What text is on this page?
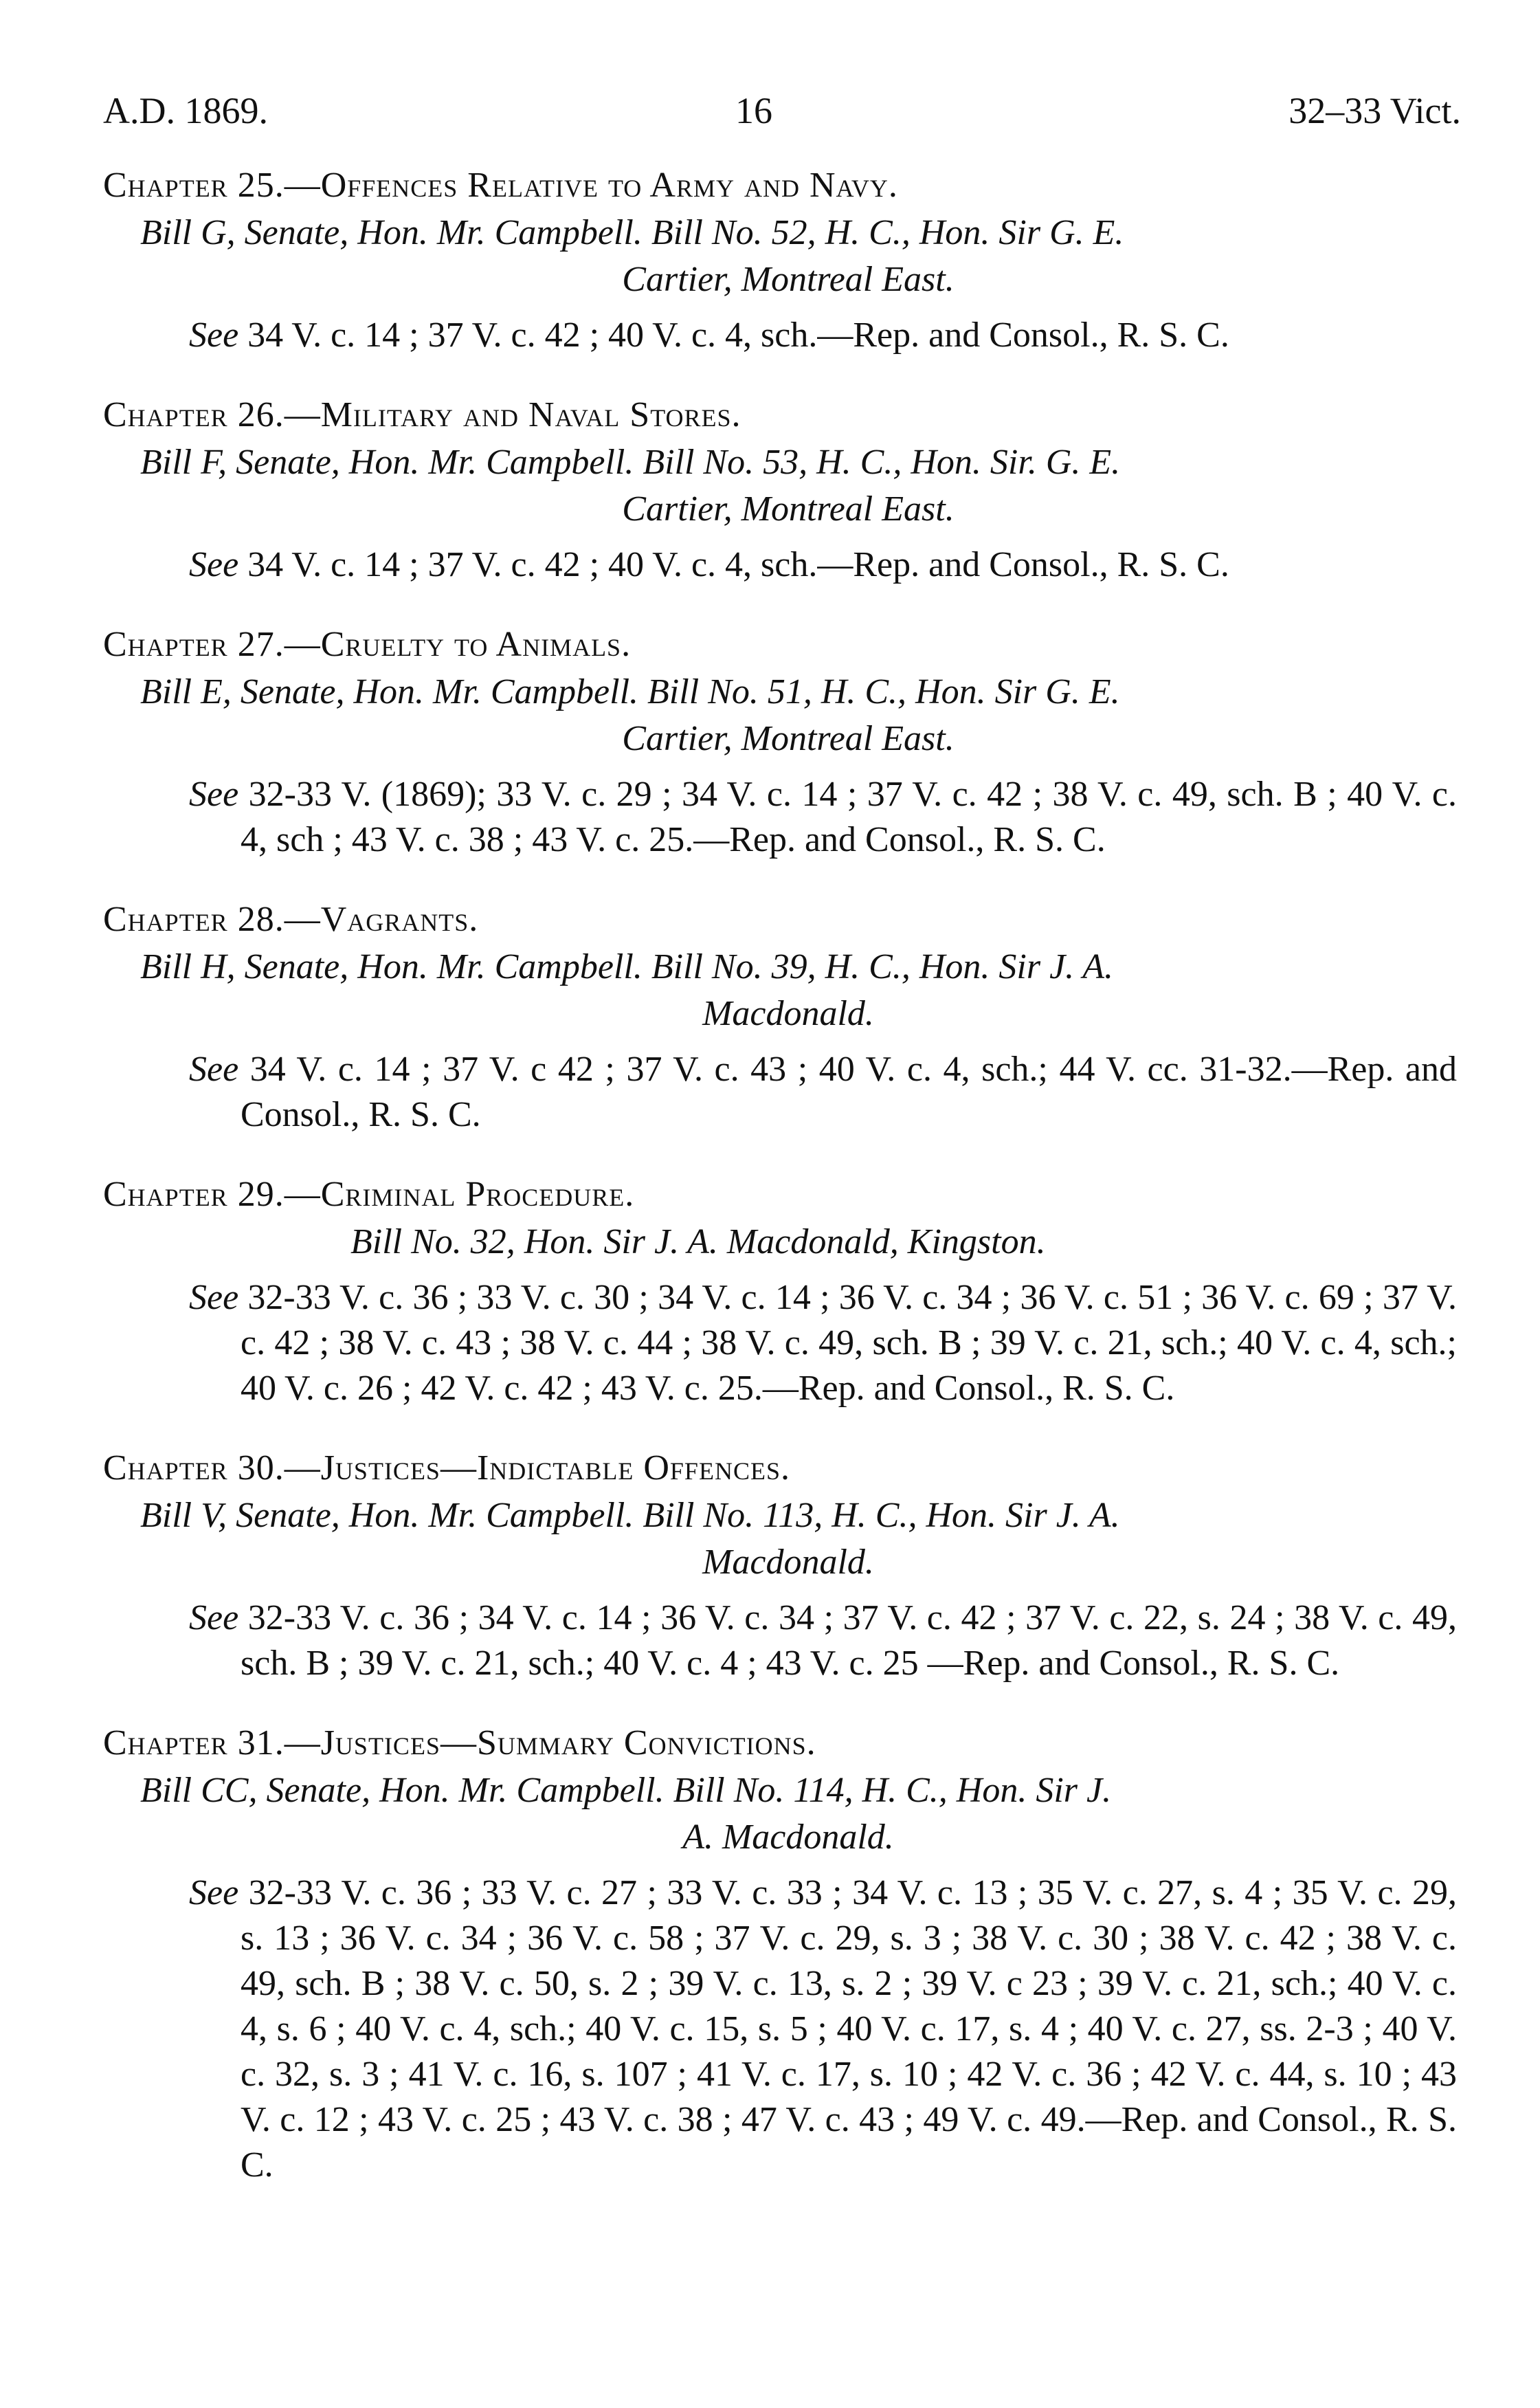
A.D. 1869.	16	32–33 Vict.
Chapter 25.—Offences Relative to Army and Navy.
Bill G, Senate, Hon. Mr. Campbell. Bill No. 52, H. C., Hon. Sir G. E.
Cartier, Montreal East.
See 34 V. c. 14 ; 37 V. c. 42 ; 40 V. c. 4, sch.—Rep. and Consol., R. S. C.
Chapter 26.—Military and Naval Stores.
Bill F, Senate, Hon. Mr. Campbell. Bill No. 53, H. C., Hon. Sir. G. E.
Cartier, Montreal East.
See 34 V. c. 14 ; 37 V. c. 42 ; 40 V. c. 4, sch.—Rep. and Consol., R. S. C.
Chapter 27.—Cruelty to Animals.
Bill E, Senate, Hon. Mr. Campbell. Bill No. 51, H. C., Hon. Sir G. E.
Cartier, Montreal East.
See 32-33 V. (1869); 33 V. c. 29 ; 34 V. c. 14 ; 37 V. c. 42 ; 38 V. c. 49, sch. B ; 40 V. c. 4, sch ; 43 V. c. 38 ; 43 V. c. 25.—Rep. and Consol., R. S. C.
Chapter 28.—Vagrants.
Bill H, Senate, Hon. Mr. Campbell. Bill No. 39, H. C., Hon. Sir J. A.
Macdonald.
See 34 V. c. 14 ; 37 V. c 42 ; 37 V. c. 43 ; 40 V. c. 4, sch.; 44 V. cc. 31-32.—Rep. and Consol., R. S. C.
Chapter 29.—Criminal Procedure.
Bill No. 32, Hon. Sir J. A. Macdonald, Kingston.
See 32-33 V. c. 36 ; 33 V. c. 30 ; 34 V. c. 14 ; 36 V. c. 34 ; 36 V. c. 51 ; 36 V. c. 69 ; 37 V. c. 42 ; 38 V. c. 43 ; 38 V. c. 44 ; 38 V. c. 49, sch. B ; 39 V. c. 21, sch.; 40 V. c. 4, sch.; 40 V. c. 26 ; 42 V. c. 42 ; 43 V. c. 25.—Rep. and Consol., R. S. C.
Chapter 30.—Justices—Indictable Offences.
Bill V, Senate, Hon. Mr. Campbell. Bill No. 113, H. C., Hon. Sir J. A.
Macdonald.
See 32-33 V. c. 36 ; 34 V. c. 14 ; 36 V. c. 34 ; 37 V. c. 42 ; 37 V. c. 22, s. 24 ; 38 V. c. 49, sch. B ; 39 V. c. 21, sch.; 40 V. c. 4 ; 43 V. c. 25 —Rep. and Consol., R. S. C.
Chapter 31.—Justices—Summary Convictions.
Bill CC, Senate, Hon. Mr. Campbell. Bill No. 114, H. C., Hon. Sir J.
A. Macdonald.
See 32-33 V. c. 36 ; 33 V. c. 27 ; 33 V. c. 33 ; 34 V. c. 13 ; 35 V. c. 27, s. 4 ; 35 V. c. 29, s. 13 ; 36 V. c. 34 ; 36 V. c. 58 ; 37 V. c. 29, s. 3 ; 38 V. c. 30 ; 38 V. c. 42 ; 38 V. c. 49, sch. B ; 38 V. c. 50, s. 2 ; 39 V. c. 13, s. 2 ; 39 V. c 23 ; 39 V. c. 21, sch.; 40 V. c. 4, s. 6 ; 40 V. c. 4, sch.; 40 V. c. 15, s. 5 ; 40 V. c. 17, s. 4 ; 40 V. c. 27, ss. 2-3 ; 40 V. c. 32, s. 3 ; 41 V. c. 16, s. 107 ; 41 V. c. 17, s. 10 ; 42 V. c. 36 ; 42 V. c. 44, s. 10 ; 43 V. c. 12 ; 43 V. c. 25 ; 43 V. c. 38 ; 47 V. c. 43 ; 49 V. c. 49.—Rep. and Consol., R. S. C.
